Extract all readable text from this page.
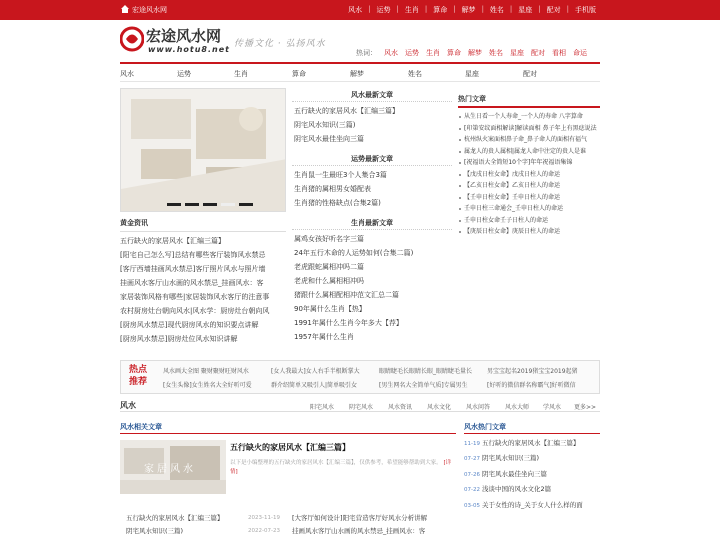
宏途风水网	风水 | 运势 | 生肖 | 算命 | 解梦 | 姓名 | 星座 | 配对 | 手机版
宏途风水网
www.hotu8.net
传播文化 · 弘扬风水
热词： 风水 运势 生肖 算命 解梦 姓名 星座 配对 看相 命运
风水	运势	生肖	算命	解梦	姓名	星座	配对
黄金资讯
五行缺火的家居风水【汇编三篇】
[阳宅自己怎么写]总结有哪些客厅装饰风水禁忌
[客厅西墙挂画风水禁忌]客厅照片风水与照片墙
挂画风水客厅山水画的风水禁忌_挂画风水：客
家居装饰风格有哪些|家居装饰风水客厅的注意事
农村厨房灶台朝向风水|风水学：厨房灶台朝向风
[厨房风水禁忌]现代厨房风水的知识要点讲解
[厨房风水禁忌]厨房灶位风水知识讲解
风水最新文章
五行缺火的家居风水【汇编三篇】
阴宅风水知识(三篇)
阴宅风水最佳坐向三篇
运势最新文章
生肖鼠一生最旺3个人集合3篇
生肖猪的属相男女婚配表
生肖猪的性格缺点(合集2篇)
生肖最新文章
属鸡女孩好听名字三篇
24年五行木命的人运势如何(合集二篇)
老虎跟蛇属相冲吗二篇
老虎和什么属相相冲吗
猪跟什么属相配相冲范文汇总二篇
90年属什么生肖【热】
1991年属什么生肖今年多大【荐】
1957年属什么生肖
热门文章
从生日看一个人寿命_一个人的寿命 八字算命
[印第安纹面相解读]解读面相 鼻子年上有黑痣说法
杭州纵火案面相鼻子命_鼻子命人的面相有福气
属龙人的贵人属相|属龙人命中注定的贵人是谁
[祝福语大全简短10个字]年年祝福语集锦
【戊戌日柱女命】戊戌日柱人的命运
【乙亥日柱女命】乙亥日柱人的命运
【壬申日柱女命】壬申日柱人的命运
壬申日柱三命通会_壬申日柱人的命运
壬申日柱女命壬子日柱人的命运
【庚辰日柱女命】庚辰日柱人的命运
热点推荐
风水画大全图 聚财聚财旺财风水	[女人我最大]女人右手半根断掌大	眼睛睫毛长眼睛长眼_眼睛睫毛量长 男宝宝起名2019猪宝宝2019起猪
[女生头像]女生姓名大全好听可爱	群介绍简单又吸引人|简单吸引女	[男生网名大全简单气质]专属男生	[好听的微信群名称霸气]好听微信
风水	阳宅风水 阴宅风水 风水资讯 风水文化 风水问答 风水大师 学风水 更多>>
风水相关文章
家居风水
五行缺火的家居风水【汇编三篇】
以下是小编整理的五行缺火的家居风水【汇编三篇】，仅供参考，希望能够帮助到大家。 [详情]
五行缺火的家居风水【汇编三篇】	2023-11-19 [大客厅如何设计]阳宅营造客厅好风水分析讲解
阴宅风水知识(三篇)	2022-07-23 挂画风水客厅山水画的风水禁忌_挂画风水：客
风水热门文章
11-19 五行缺火的家居风水【汇编三篇】
07-27 阴宅风水知识(三篇)
07-26 阴宅风水最佳坐向三篇
07-22 浅谈中国的风水文化2篇
03-05 关于女性的诗_关于女人什么样的面
